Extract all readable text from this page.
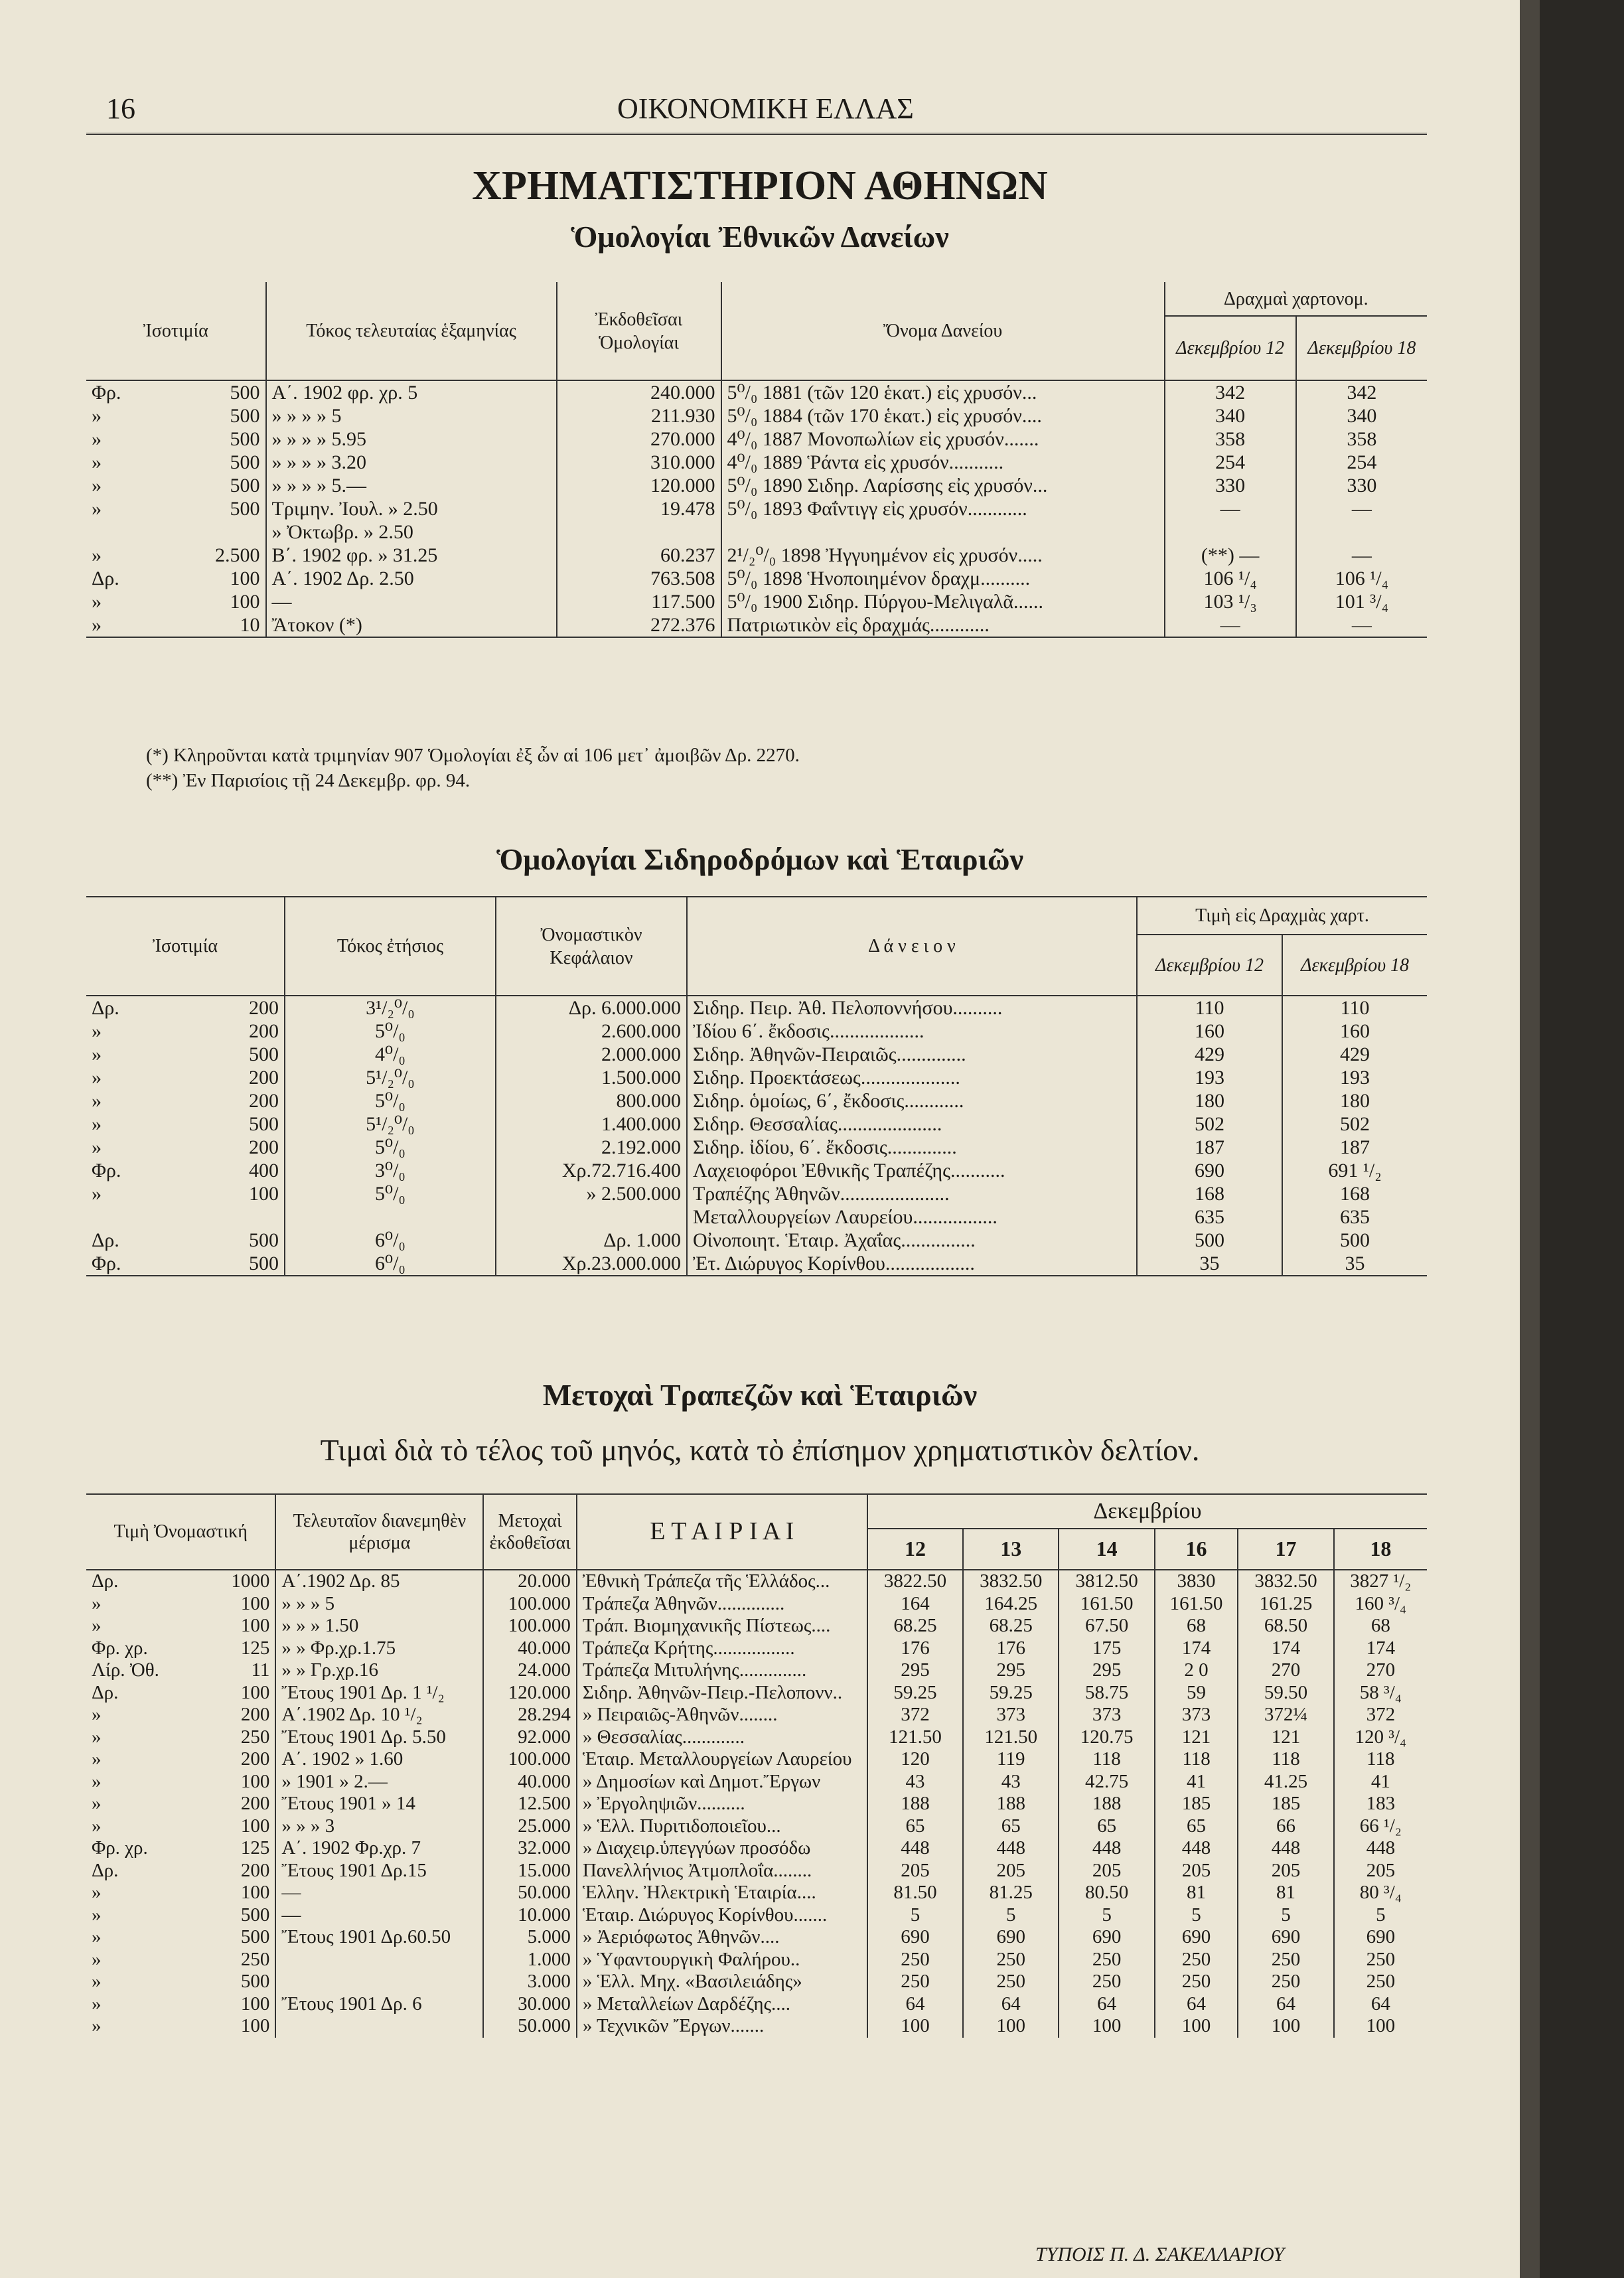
16	ΟΙΚΟΝΟΜΙΚΗ ΕΛΛΑΣ
ΧΡΗΜΑΤΙΣΤΗΡΙΟΝ ΑΘΗΝΩΝ
Ὁμολογίαι Ἐθνικῶν Δανείων
Ἰσοτιμία		Τόκος τελευταίας ἑξαμηνίας	Ἐκδοθεῖσαι Ὁμολογίαι	Ὄνομα Δανείου	Δραχμαὶ χαρτονομ.	
					Δεκεμβρίου 12	Δεκεμβρίου 18
Φρ.	500	Α΄. 1902 φρ. χρ. 5	240.000	5⁰/₀ 1881 (τῶν 120 ἑκατ.) εἰς χρυσόν...	342	342
»	500	» » » » 5	211.930	5⁰/₀ 1884 (τῶν 170 ἑκατ.) εἰς χρυσόν....	340	340
»	500	» » » » 5.95	270.000	4⁰/₀ 1887 Μονοπωλίων εἰς χρυσόν.......	358	358
»	500	» » » » 3.20	310.000	4⁰/₀ 1889 Ῥάντα εἰς χρυσόν...........	254	254
»	500	» » » » 5.—	120.000	5⁰/₀ 1890 Σιδηρ. Λαρίσσης εἰς χρυσόν...	330	330
»	500	Τριμην. Ἰουλ. » 2.50	19.478	5⁰/₀ 1893 Φαΐντιγγ εἰς χρυσόν............	—	—
		» Ὀκτωβρ. » 2.50				
»	2.500	Β΄. 1902 φρ. » 31.25	60.237	2¹/₂⁰/₀ 1898 Ἠγγυημένον εἰς χρυσόν.....	(**) —	—
Δρ.	100	Α΄. 1902 Δρ. 2.50	763.508	5⁰/₀ 1898 Ἡνοποιημένον δραχμ..........	106 ¹/₄	106 ¹/₄
»	100	—	117.500	5⁰/₀ 1900 Σιδηρ. Πύργου-Μελιγαλᾶ......	103 ¹/₃	101 ³/₄
»	10	Ἄτοκον (*)	272.376	Πατριωτικὸν εἰς δραχμάς............	—	—

(*) Κληροῦνται κατὰ τριμηνίαν 907 Ὁμολογίαι ἐξ ὧν αἱ 106 μετ᾿ ἀμοιβῶν Δρ. 2270.
(**) Ἐν Παρισίοις τῇ 24 Δεκεμβρ. φρ. 94.
Ὁμολογίαι Σιδηροδρόμων καὶ Ἑταιριῶν
Ἰσοτιμία		Τόκος ἐτήσιος	Ὀνομαστικὸν Κεφάλαιον	Δ ά ν ε ι ο ν	Τιμὴ εἰς Δραχμὰς χαρτ.	
					Δεκεμβρίου 12	Δεκεμβρίου 18
Δρ.	200	3¹/₂⁰/₀	Δρ. 6.000.000	Σιδηρ. Πειρ. Ἀθ. Πελοποννήσου..........	110	110
»	200	5⁰/₀	2.600.000	Ἰδίου 6΄. ἔκδοσις...................	160	160
»	500	4⁰/₀	2.000.000	Σιδηρ. Ἀθηνῶν-Πειραιῶς..............	429	429
»	200	5¹/₂⁰/₀	1.500.000	Σιδηρ. Προεκτάσεως....................	193	193
»	200	5⁰/₀	800.000	Σιδηρ. ὁμοίως, 6΄, ἔκδοσις............	180	180
»	500	5¹/₂⁰/₀	1.400.000	Σιδηρ. Θεσσαλίας.....................	502	502
»	200	5⁰/₀	2.192.000	Σιδηρ. ἰδίου, 6΄. ἔκδοσις..............	187	187
Φρ.	400	3⁰/₀	Χρ.72.716.400	Λαχειοφόροι Ἐθνικῆς Τραπέζης...........	690	691 ¹/₂
»	100	5⁰/₀	» 2.500.000	Τραπέζης Ἀθηνῶν......................	168	168
				Μεταλλουργείων Λαυρείου.................	635	635
Δρ.	500	6⁰/₀	Δρ. 1.000	Οἰνοποιητ. Ἑταιρ. Ἀχαΐας...............	500	500
Φρ.	500	6⁰/₀	Χρ.23.000.000	Ἐτ. Διώρυγος Κορίνθου..................	35	35

Μετοχαὶ Τραπεζῶν καὶ Ἑταιριῶν
Τιμαὶ διὰ τὸ τέλος τοῦ μηνός, κατὰ τὸ ἐπίσημον χρηματιστικὸν δελτίον.
Τιμὴ Ὀνομαστική		Τελευταῖον διανεμηθὲν μέρισμα	Μετοχαὶ ἐκδοθεῖσαι	Ε Τ Α Ι Ρ Ι Α Ι	Δεκεμβρίου					
					12	13	14	16	17	18
Δρ.	1000	Α΄.1902 Δρ. 85	20.000	Ἐθνικὴ Τράπεζα τῆς Ἑλλάδος...	3822.50	3832.50	3812.50	3830	3832.50	3827 ¹/₂
»	100	» » » 5	100.000	Τράπεζα Ἀθηνῶν..............	164	164.25	161.50	161.50	161.25	160 ³/₄
»	100	» » » 1.50	100.000	Τράπ. Βιομηχανικῆς Πίστεως....	68.25	68.25	67.50	68	68.50	68
Φρ. χρ.	125	» » Φρ.χρ.1.75	40.000	Τράπεζα Κρήτης.................	176	176	175	174	174	174
Λίρ. Ὀθ.	11	» » Γρ.χρ.16	24.000	Τράπεζα Μιτυλήνης..............	295	295	295	2 0	270	270
Δρ.	100	Ἔτους 1901 Δρ. 1 ¹/₂	120.000	Σιδηρ. Ἀθηνῶν-Πειρ.-Πελοπονν..	59.25	59.25	58.75	59	59.50	58 ³/₄
»	200	Α΄.1902 Δρ. 10 ¹/₂	28.294	» Πειραιῶς-Ἀθηνῶν........	372	373	373	373	372¼	372
»	250	Ἔτους 1901 Δρ. 5.50	92.000	» Θεσσαλίας.............	121.50	121.50	120.75	121	121	120 ³/₄
»	200	Α΄. 1902 » 1.60	100.000	Ἑταιρ. Μεταλλουργείων Λαυρείου	120	119	118	118	118	118
»	100	» 1901 » 2.—	40.000	» Δημοσίων καὶ Δημοτ.Ἔργων	43	43	42.75	41	41.25	41
»	200	Ἔτους 1901 » 14	12.500	» Ἐργοληψιῶν..........	188	188	188	185	185	183
»	100	» » » 3	25.000	» Ἑλλ. Πυριτιδοποιεῖου...	65	65	65	65	66	66 ¹/₂
Φρ. χρ.	125	Α΄. 1902 Φρ.χρ. 7	32.000	» Διαχειρ.ὑπεγγύων προσόδω	448	448	448	448	448	448
Δρ.	200	Ἔτους 1901 Δρ.15	15.000	Πανελλήνιος Ἀτμοπλοΐα........	205	205	205	205	205	205
»	100	—	50.000	Ἑλλην. Ἠλεκτρικὴ Ἑταιρία....	81.50	81.25	80.50	81	81	80 ³/₄
»	500	—	10.000	Ἑταιρ. Διώρυγος Κορίνθου.......	5	5	5	5	5	5
»	500	Ἔτους 1901 Δρ.60.50	5.000	» Ἀεριόφωτος Ἀθηνῶν....	690	690	690	690	690	690
»	250		1.000	» Ὑφαντουργικὴ Φαλήρου..	250	250	250	250	250	250
»	500		3.000	» Ἑλλ. Μηχ. «Βασιλειάδης»	250	250	250	250	250	250
»	100	Ἔτους 1901 Δρ. 6	30.000	» Μεταλλείων Δαρδέζης....	64	64	64	64	64	64
»	100		50.000	» Τεχνικῶν Ἔργων.......	100	100	100	100	100	100
ΤΥΠΟΙΣ Π. Δ. ΣΑΚΕΛΛΑΡΙΟΥ
